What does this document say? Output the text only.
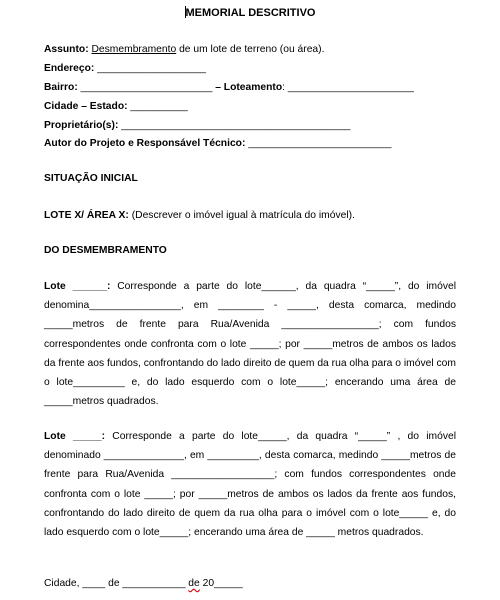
MEMORIAL DESCRITIVO
Assunto: Desmembramento de um lote de terreno (ou área).
Endereço: ___________________
Bairro: _______________________ – Loteamento: ______________________
Cidade – Estado: __________
Proprietário(s): ________________________________________
Autor do Projeto e Responsável Técnico: _________________________
SITUAÇÃO INICIAL
LOTE X/ ÁREA X: (Descrever o imóvel igual à matrícula do imóvel).
DO DESMEMBRAMENTO

Lote ______: Corresponde a parte do lote______, da quadra “_____”, do imóvel denomina________________, em ________ - _____, desta comarca, medindo _____metros de frente para Rua/Avenida _________________; com fundos correspondentes onde confronta com o lote _____; por _____metros de ambos os lados da frente aos fundos, confrontando do lado direito de quem da rua olha para o imóvel com o lote_________ e, do lado esquerdo com o lote_____; encerando uma área de _____metros quadrados.

Lote _____: Corresponde a parte do lote_____, da quadra “_____” , do imóvel denominado ______________, em _________, desta comarca, medindo _____metros de frente para Rua/Avenida __________________; com fundos correspondentes onde confronta com o lote _____; por _____metros de ambos os lados da frente aos fundos, confrontando do lado direito de quem da rua olha para o imóvel com o lote_____ e, do lado esquerdo com o lote_____; encerando uma área de _____ metros quadrados.

Cidade, ____ de ___________ de 20_____
